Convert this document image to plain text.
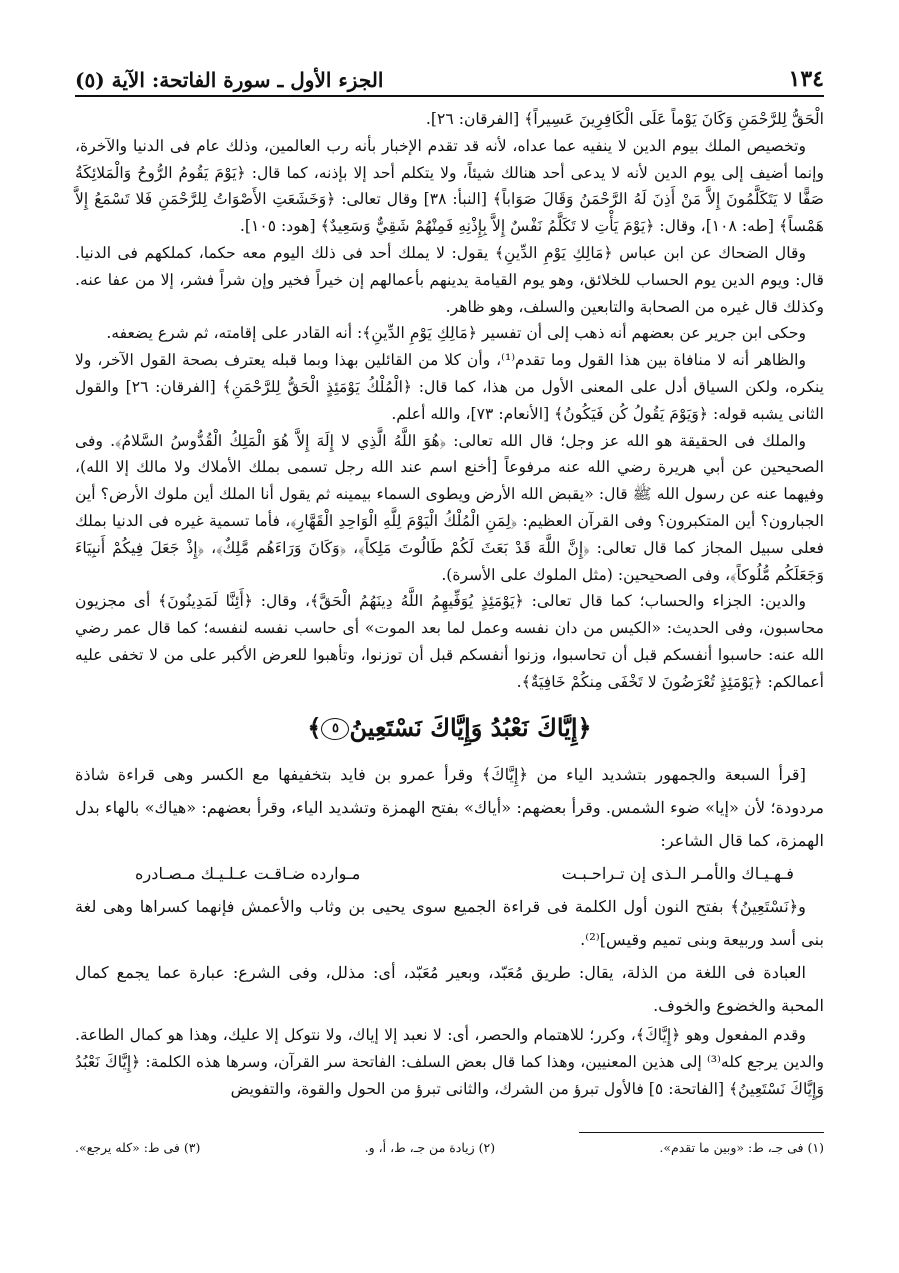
١٣٤
الجزء الأول ـ سورة الفاتحة: الآية (٥)

الْحَقُّ لِلرَّحْمَنِ وَكَانَ يَوْماً عَلَى الْكَافِرِينَ عَسِيراً﴾ [الفرقان: ٢٦].

وتخصيص الملك بيوم الدين لا ينفيه عما عداه، لأنه قد تقدم الإخبار بأنه رب العالمين، وذلك عام فى الدنيا والآخرة، وإنما أضيف إلى يوم الدين لأنه لا يدعى أحد هنالك شيئاً، ولا يتكلم أحد إلا بإذنه، كما قال: ﴿يَوْمَ يَقُومُ الرُّوحُ وَالْمَلائِكَةُ صَفًّا لا يَتَكَلَّمُونَ إِلاَّ مَنْ أَذِنَ لَهُ الرَّحْمَنُ وَقَالَ صَوَاباً﴾ [النبأ: ٣٨] وقال تعالى: ﴿وَخَشَعَتِ الأَصْوَاتُ لِلرَّحْمَنِ فَلا تَسْمَعُ إِلاَّ هَمْساً﴾ [طه: ١٠٨]، وقال: ﴿يَوْمَ يَأْتِ لا تَكَلَّمُ نَفْسٌ إِلاَّ بِإِذْنِهِ فَمِنْهُمْ شَقِيٌّ وَسَعِيدٌ﴾ [هود: ١٠٥].

وقال الضحاك عن ابن عباس ﴿مَالِكِ يَوْمِ الدِّينِ﴾ يقول: لا يملك أحد فى ذلك اليوم معه حكما، كملكهم فى الدنيا. قال: ويوم الدين يوم الحساب للخلائق، وهو يوم القيامة يدينهم بأعمالهم إن خيراً فخير وإن شراً فشر، إلا من عفا عنه. وكذلك قال غيره من الصحابة والتابعين والسلف، وهو ظاهر.

وحكى ابن جرير عن بعضهم أنه ذهب إلى أن تفسير ﴿مَالِكِ يَوْمِ الدِّينِ﴾: أنه القادر على إقامته، ثم شرع يضعفه.

والظاهر أنه لا منافاة بين هذا القول وما تقدم⁽¹⁾، وأن كلا من القائلين بهذا وبما قبله يعترف بصحة القول الآخر، ولا ينكره، ولكن السياق أدل على المعنى الأول من هذا، كما قال: ﴿الْمُلْكُ يَوْمَئِذٍ الْحَقُّ لِلرَّحْمَنِ﴾ [الفرقان: ٢٦] والقول الثانى يشبه قوله: ﴿وَيَوْمَ يَقُولُ كُن فَيَكُونُ﴾ [الأنعام: ٧٣]، والله أعلم.

والملك فى الحقيقة هو الله عز وجل؛ قال الله تعالى: ﴿هُوَ اللَّهُ الَّذِي لا إِلَهَ إِلاَّ هُوَ الْمَلِكُ الْقُدُّوسُ السَّلامُ﴾. وفى الصحيحين عن أبي هريرة رضي الله عنه مرفوعاً [أخنع اسم عند الله رجل تسمى بملك الأملاك ولا مالك إلا الله)، وفيهما عنه عن رسول الله ﷺ قال: «يقبض الله الأرض ويطوى السماء بيمينه ثم يقول أنا الملك أين ملوك الأرض؟ أين الجبارون؟ أين المتكبرون؟ وفى القرآن العظيم: ﴿لِمَنِ الْمُلْكُ الْيَوْمَ لِلَّهِ الْوَاحِدِ الْقَهَّارِ﴾، فأما تسمية غيره فى الدنيا بملك فعلى سبيل المجاز كما قال تعالى: ﴿إِنَّ اللَّهَ قَدْ بَعَثَ لَكُمْ طَالُوتَ مَلِكاً﴾، ﴿وَكَانَ وَرَاءَهُم مَّلِكٌ﴾، ﴿إِذْ جَعَلَ فِيكُمْ أَنبِيَاءَ وَجَعَلَكُم مُّلُوكاً﴾، وفى الصحيحين: (مثل الملوك على الأسرة).

والدين: الجزاء والحساب؛ كما قال تعالى: ﴿يَوْمَئِذٍ يُوَفِّيهِمُ اللَّهُ دِينَهُمُ الْحَقَّ﴾، وقال: ﴿أَئِنَّا لَمَدِينُونَ﴾ أى مجزيون محاسبون، وفى الحديث: «الكيس من دان نفسه وعمل لما بعد الموت» أى حاسب نفسه لنفسه؛ كما قال عمر رضي الله عنه: حاسبوا أنفسكم قبل أن تحاسبوا، وزنوا أنفسكم قبل أن توزنوا، وتأهبوا للعرض الأكبر على من لا تخفى عليه أعمالكم: ﴿يَوْمَئِذٍ تُعْرَضُونَ لا تَخْفَى مِنكُمْ خَافِيَةٌ﴾.

﴿إِيَّاكَ نَعْبُدُ وَإِيَّاكَ نَسْتَعِينُ٥﴾

[قرأ السبعة والجمهور بتشديد الياء من ﴿إِيَّاكَ﴾ وقرأ عمرو بن فايد بتخفيفها مع الكسر وهى قراءة شاذة مردودة؛ لأن «إيا» ضوء الشمس. وقرأ بعضهم: «أياك» بفتح الهمزة وتشديد الياء، وقرأ بعضهم: «هياك» بالهاء بدل الهمزة، كما قال الشاعر:

فـهـيـاك والأمـر الـذى إن تـراحـبـت
مـوارده ضـاقـت عـلـيـك مـصـادره

و﴿نَسْتَعِينُ﴾ بفتح النون أول الكلمة فى قراءة الجميع سوى يحيى بن وثاب والأعمش فإنهما كسراها وهى لغة بنى أسد وربيعة وبنى تميم وقيس]⁽²⁾.

العبادة فى اللغة من الذلة، يقال: طريق مُعَبّد، وبعير مُعَبّد، أى: مذلل، وفى الشرع: عبارة عما يجمع كمال المحبة والخضوع والخوف.

وقدم المفعول وهو ﴿إِيَّاكَ﴾، وكرر؛ للاهتمام والحصر، أى: لا نعبد إلا إياك، ولا نتوكل إلا عليك، وهذا هو كمال الطاعة. والدين يرجع كله⁽³⁾ إلى هذين المعنيين، وهذا كما قال بعض السلف: الفاتحة سر القرآن، وسرها هذه الكلمة: ﴿إِيَّاكَ نَعْبُدُ وَإِيَّاكَ نَسْتَعِينُ﴾ [الفاتحة: ٥] فالأول تبرؤ من الشرك، والثانى تبرؤ من الحول والقوة، والتفويض

(١) فى جـ، ط: «وبين ما تقدم».
(٢) زيادة من جـ، ط، أ، و.
(٣) فى ط: «كله يرجع».
